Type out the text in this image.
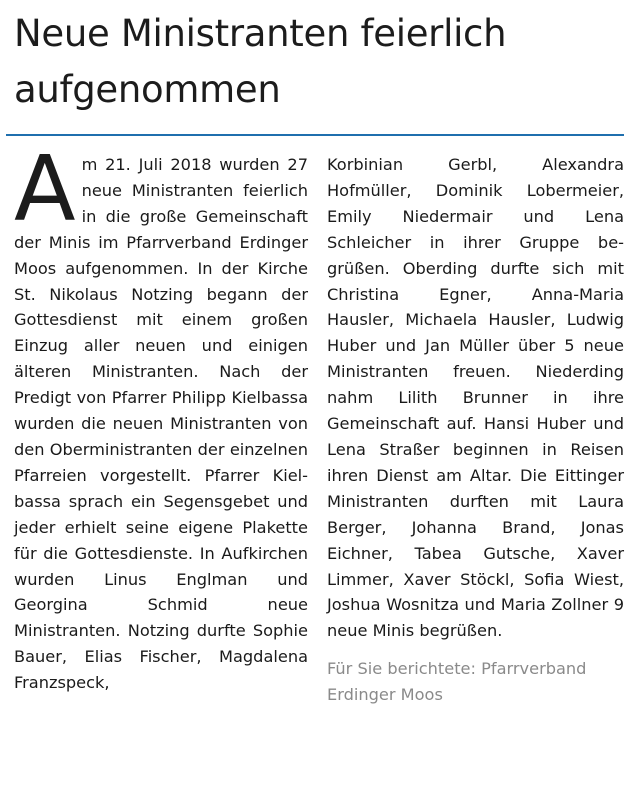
Neue Ministranten feierlich aufgenommen

Am 21. Juli 2018 wurden 27 neue Ministranten feierlich in die große Gemeinschaft der Minis im Pfarrverband Erdinger Moos aufgenommen. In der Kirche St. Nikolaus Notzing begann der Gottesdienst mit einem großen Einzug aller neuen und einigen älteren Ministranten. Nach der Predigt von Pfarrer Philipp Kielbassa wurden die neuen Ministranten von den Oberministranten der einzelnen Pfarreien vorgestellt. Pfarrer Kielbassa sprach ein Segensgebet und jeder erhielt seine eigene Plakette für die Gottesdienste. In Aufkirchen wurden Linus Englman und Georgina Schmid neue Ministranten. Notzing durfte Sophie Bauer, Elias Fischer, Magdalena Franzspeck,

Korbinian Gerbl, Alexandra Hofmüller, Dominik Lobermeier, Emily Niedermair und Lena Schleicher in ihrer Gruppe begrüßen. Oberding durfte sich mit Christina Egner, Anna-Maria Hausler, Michaela Hausler, Ludwig Huber und Jan Müller über 5 neue Ministranten freuen. Niederding nahm Lilith Brunner in ihre Gemeinschaft auf. Hansi Huber und Lena Straßer beginnen in Reisen ihren Dienst am Altar. Die Eittinger Ministranten durften mit Laura Berger, Johanna Brand, Jonas Eichner, Tabea Gutsche, Xaver Limmer, Xaver Stöckl, Sofia Wiest, Joshua Wosnitza und Maria Zollner 9 neue Minis begrüßen.

Für Sie berichtete: Pfarrverband Erdinger Moos
